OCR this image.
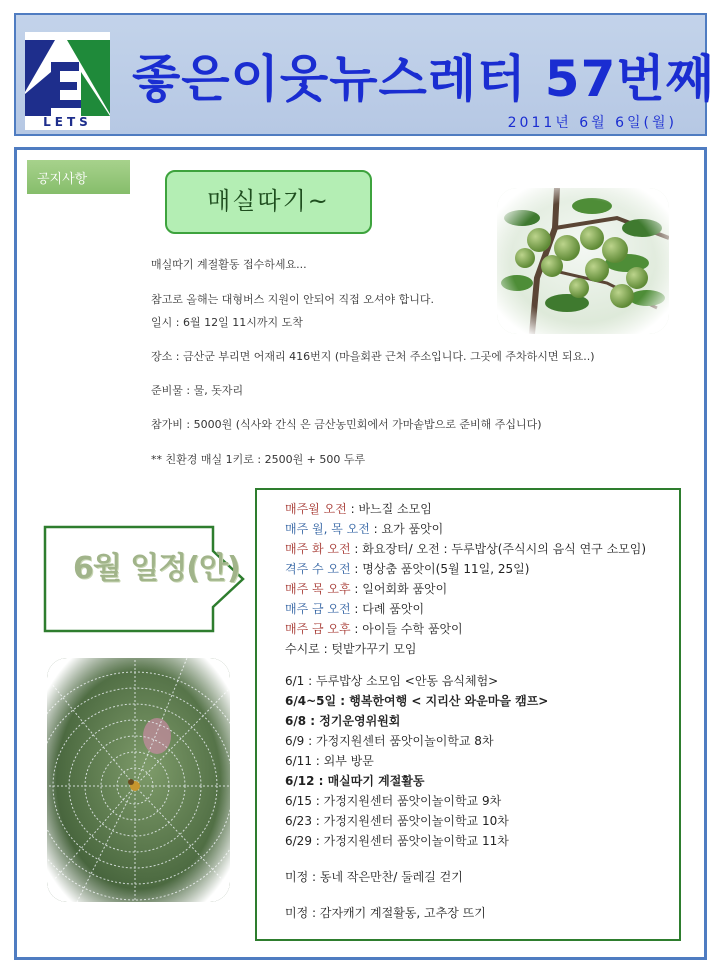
LETS
좋은이웃뉴스레터 57번째
2011년 6월 6일(월)
공지사항
매실따기~
매실따기 계절활동 접수하세요...
참고로 올해는 대형버스 지원이 안되어 직접 오셔야 합니다.
일시 : 6월 12일 11시까지 도착
장소 : 금산군 부리면 어재리 416번지 (마을회관 근처 주소입니다. 그곳에 주차하시면 되요..)
준비물 : 물, 돗자리
참가비 : 5000원 (식사와 간식 은 금산농민회에서 가마솥밥으로 준비해 주십니다)
** 친환경 매실 1키로 : 2500원 + 500 두루
6월 일정(안)
매주월 오전 : 바느질 소모임
매주 월, 목 오전 : 요가 품앗이
매주 화 오전 : 화요장터/ 오전 : 두루밥상(주식시의 음식 연구 소모임)
격주 수 오전 : 명상춤 품앗이(5월 11일, 25일)
매주 목 오후 : 일어회화 품앗이
매주 금 오전 : 다례 품앗이
매주 금 오후 : 아이들 수학 품앗이
수시로 : 텃밭가꾸기 모임
6/1 : 두루밥상 소모임 <안동 음식체험>
6/4~5일 : 행복한여행 < 지리산 와운마을 캠프>
6/8 : 정기운영위원회
6/9 : 가정지원센터 품앗이놀이학교 8차
6/11 : 외부 방문
6/12 : 매실따기 계절활동
6/15 : 가정지원센터 품앗이놀이학교 9차
6/23 : 가정지원센터 품앗이놀이학교 10차
6/29 : 가정지원센터 품앗이놀이학교 11차
미정 : 동네 작은만찬/ 둘레길 걷기
미정 : 감자캐기 계절활동, 고추장 뜨기
